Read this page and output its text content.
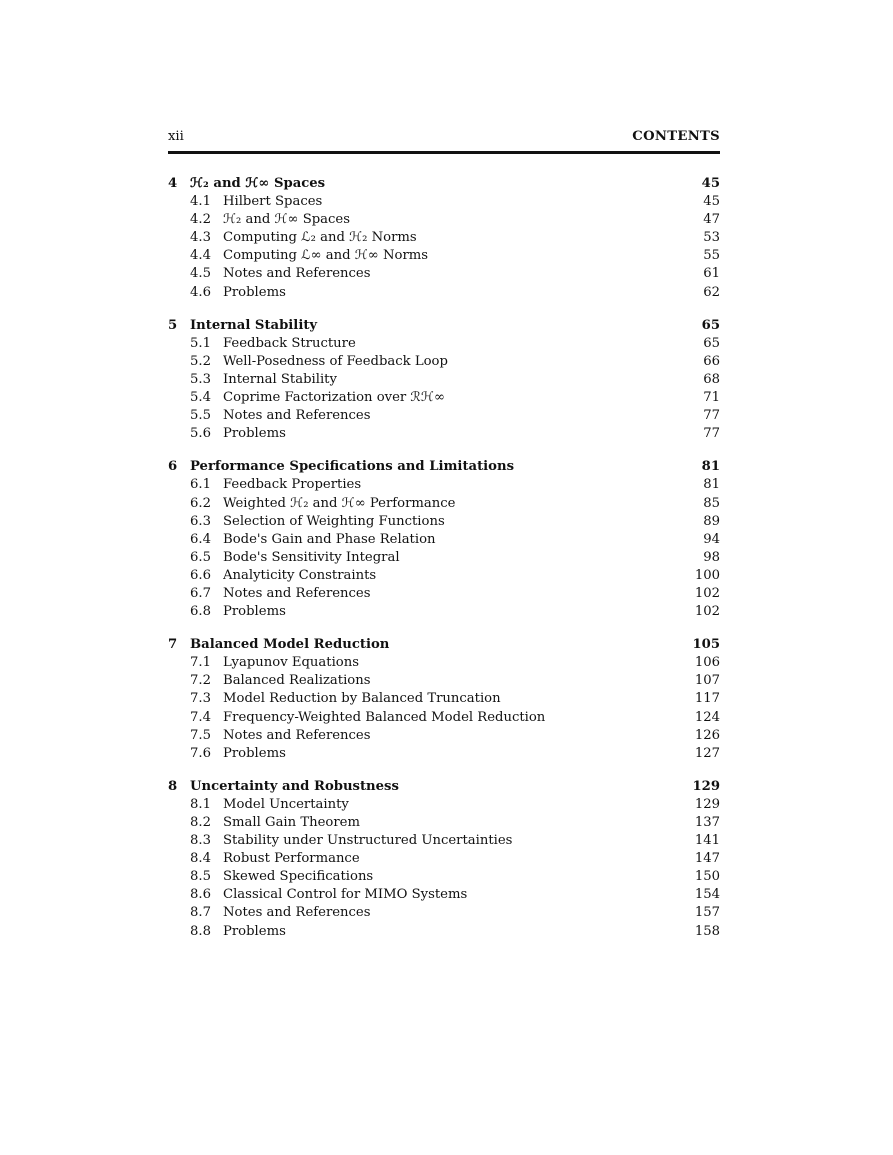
xii	CONTENTS
4 ℋ₂ and ℋ∞ Spaces	45
4.1 Hilbert Spaces . . .	45
4.2 ℋ₂ and ℋ∞ Spaces . . .	47
4.3 Computing ℒ₂ and ℋ₂ Norms . . .	53
4.4 Computing ℒ∞ and ℋ∞ Norms . . .	55
4.5 Notes and References . . .	61
4.6 Problems . . .	62
5 Internal Stability	65
5.1 Feedback Structure . . .	65
5.2 Well-Posedness of Feedback Loop . . .	66
5.3 Internal Stability . . .	68
5.4 Coprime Factorization over ℛℋ∞ . . .	71
5.5 Notes and References . . .	77
5.6 Problems . . .	77
6 Performance Specifications and Limitations	81
6.1 Feedback Properties . . .	81
6.2 Weighted ℋ₂ and ℋ∞ Performance . . .	85
6.3 Selection of Weighting Functions . . .	89
6.4 Bode's Gain and Phase Relation . . .	94
6.5 Bode's Sensitivity Integral . . .	98
6.6 Analyticity Constraints . . .	100
6.7 Notes and References . . .	102
6.8 Problems . . .	102
7 Balanced Model Reduction	105
7.1 Lyapunov Equations . . .	106
7.2 Balanced Realizations . . .	107
7.3 Model Reduction by Balanced Truncation . . .	117
7.4 Frequency-Weighted Balanced Model Reduction . . .	124
7.5 Notes and References . . .	126
7.6 Problems . . .	127
8 Uncertainty and Robustness	129
8.1 Model Uncertainty . . .	129
8.2 Small Gain Theorem . . .	137
8.3 Stability under Unstructured Uncertainties . . .	141
8.4 Robust Performance . . .	147
8.5 Skewed Specifications . . .	150
8.6 Classical Control for MIMO Systems . . .	154
8.7 Notes and References . . .	157
8.8 Problems . . .	158
